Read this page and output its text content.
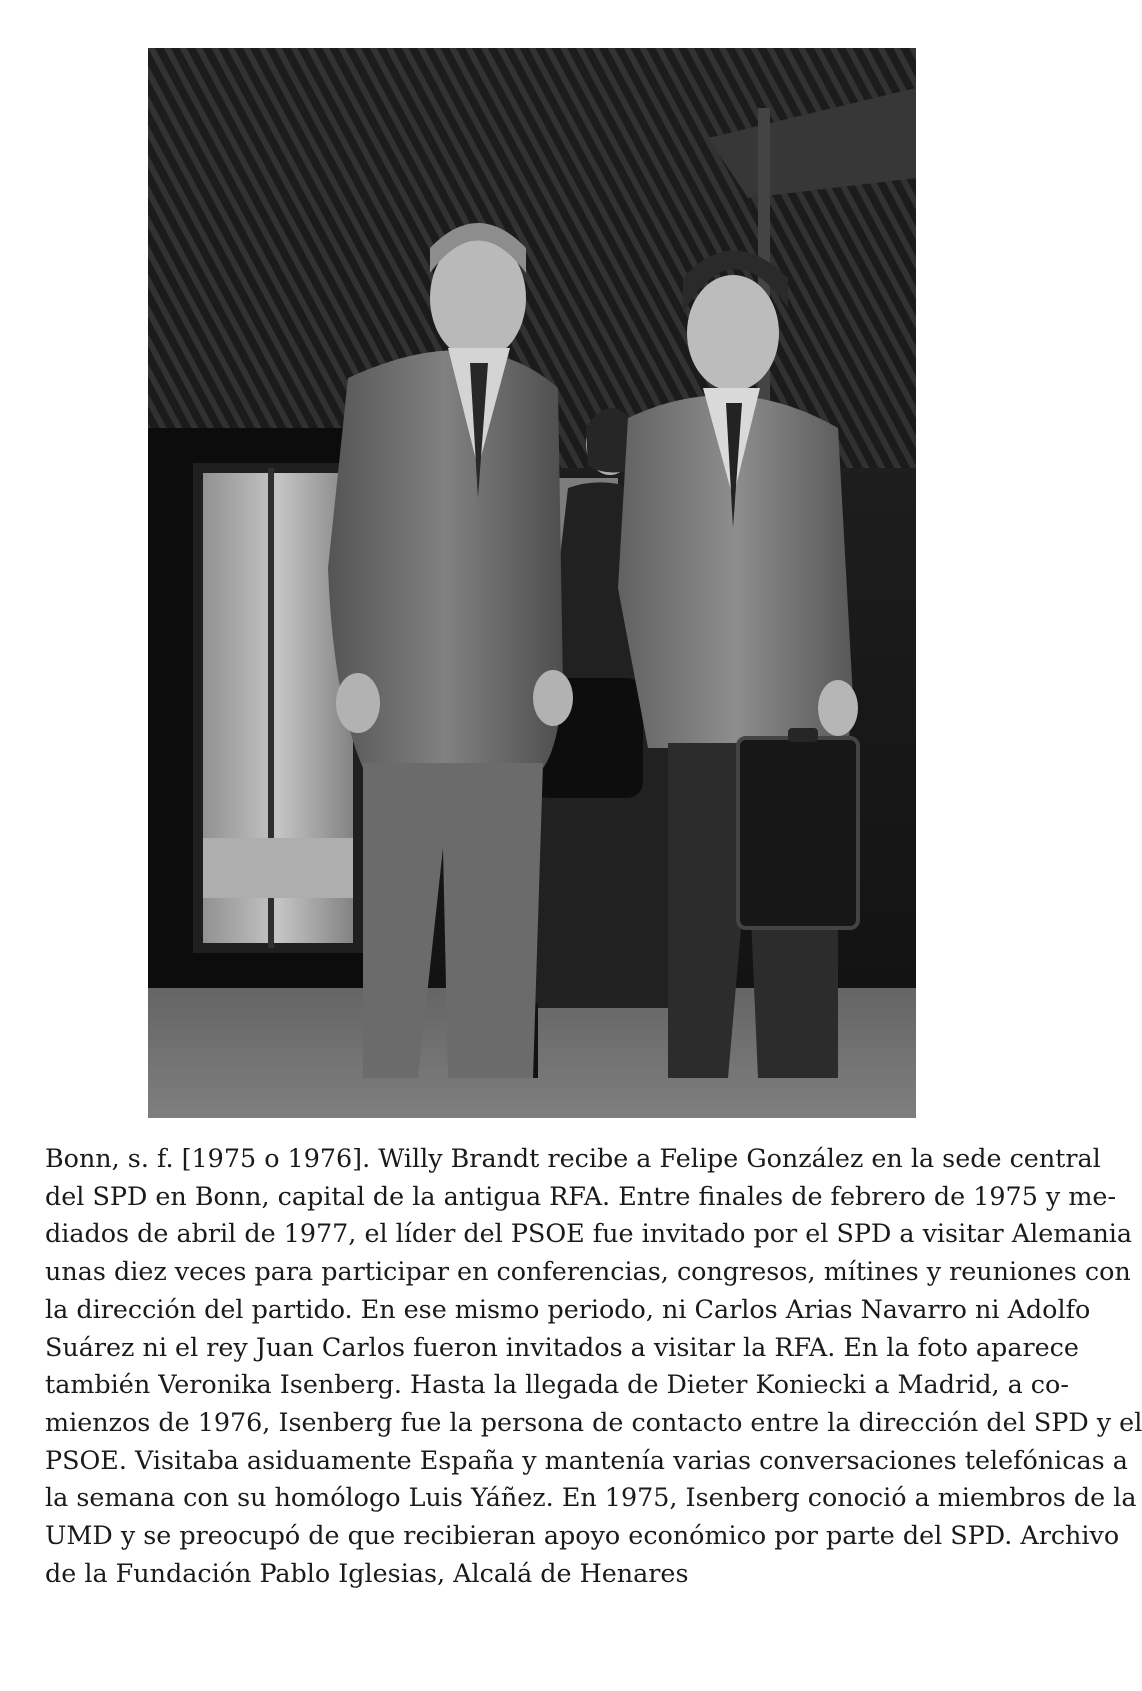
Bonn, s. f. [1975 o 1976]. Willy Brandt recibe a Felipe González en la sede central
del SPD en Bonn, capital de la antigua RFA. Entre finales de febrero de 1975 y me-
diados de abril de 1977, el líder del PSOE fue invitado por el SPD a visitar Alemania
unas diez veces para participar en conferencias, congresos, mítines y reuniones con
la dirección del partido. En ese mismo periodo, ni Carlos Arias Navarro ni Adolfo
Suárez ni el rey Juan Carlos fueron invitados a visitar la RFA. En la foto aparece
también Veronika Isenberg. Hasta la llegada de Dieter Koniecki a Madrid, a co-
mienzos de 1976, Isenberg fue la persona de contacto entre la dirección del SPD y el
PSOE. Visitaba asiduamente España y mantenía varias conversaciones telefónicas a
la semana con su homólogo Luis Yáñez. En 1975, Isenberg conoció a miembros de la
UMD y se preocupó de que recibieran apoyo económico por parte del SPD. Archivo
de la Fundación Pablo Iglesias, Alcalá de Henares
